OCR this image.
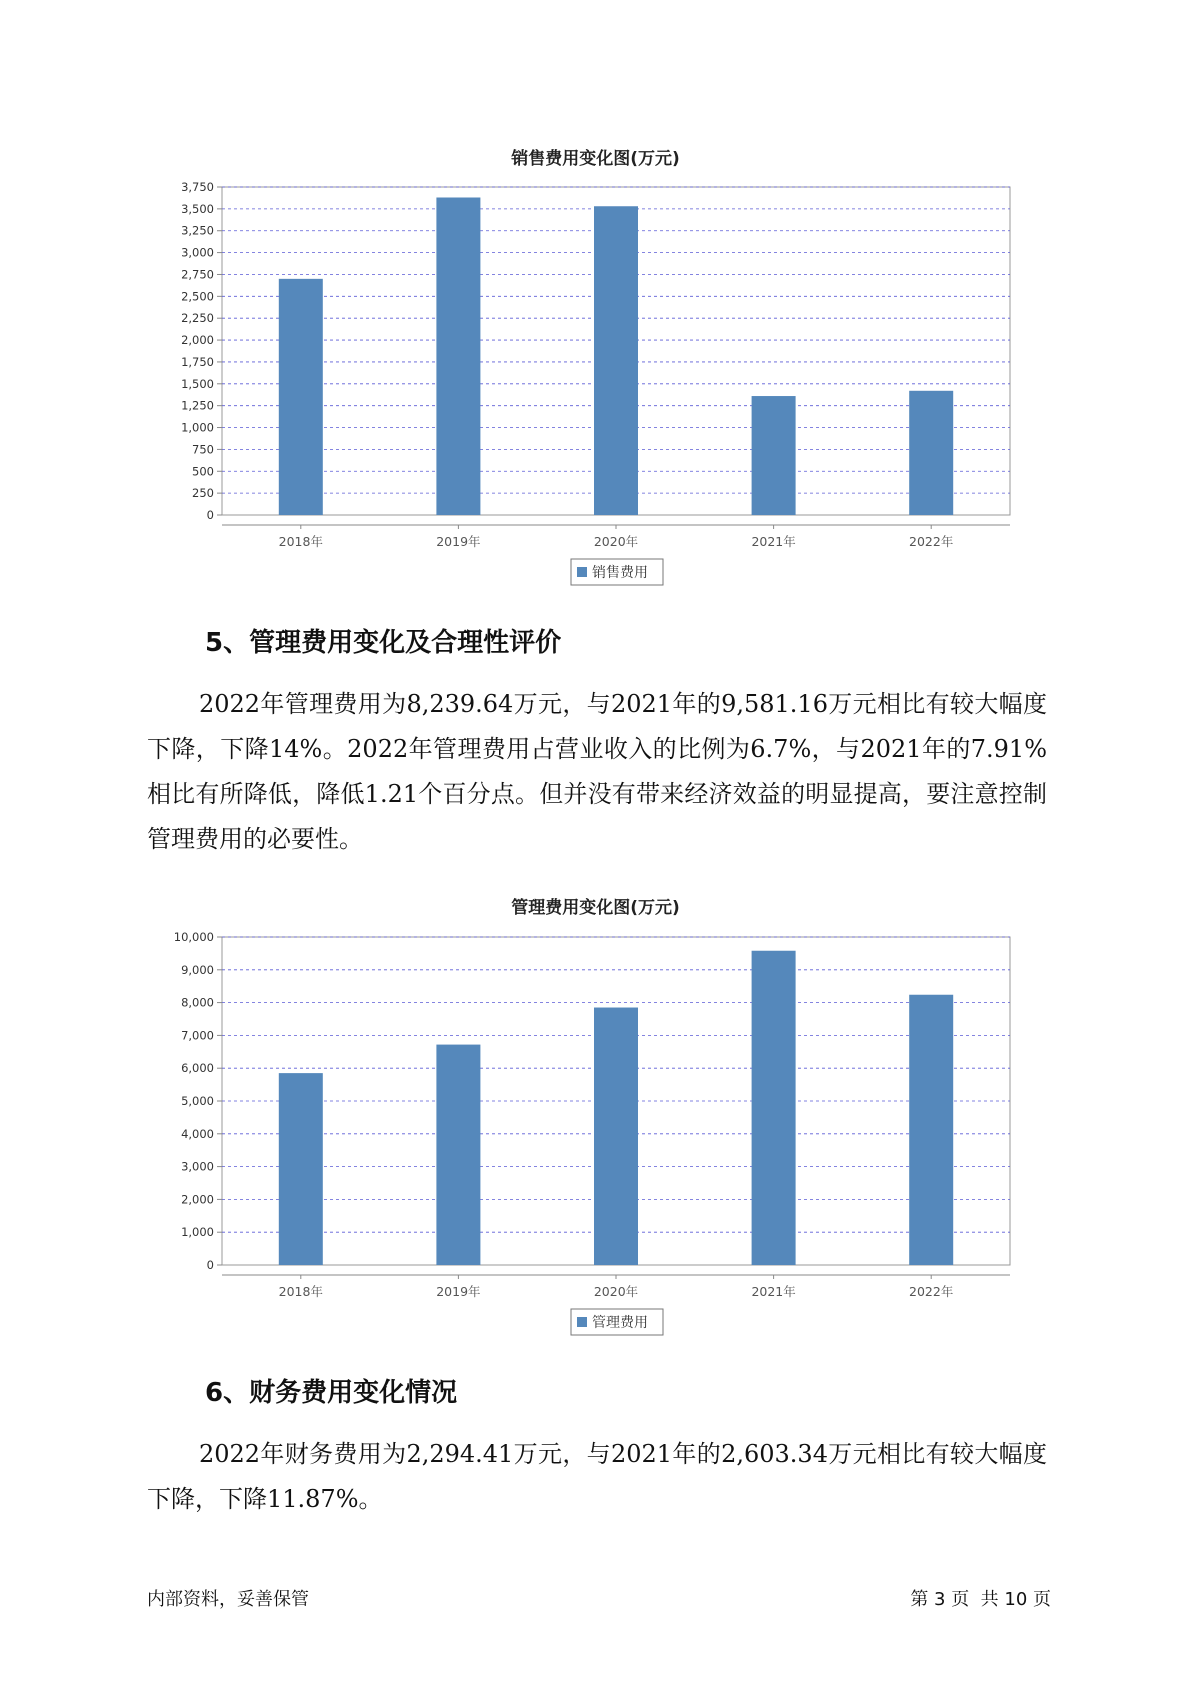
销售费用变化图(万元)
0
250
500
750
1,000
1,250
1,500
1,750
2,000
2,250
2,500
2,750
3,000
3,250
3,500
3,750
2018年	2019年	2020年	2021年	2022年
销售费用
5、管理费用变化及合理性评价
2022年管理费用为8,239.64万元，与2021年的9,581.16万元相比有较大幅度下降，下降14%。2022年管理费用占营业收入的比例为6.7%，与2021年的7.91%相比有所降低，降低1.21个百分点。但并没有带来经济效益的明显提高，要注意控制管理费用的必要性。
管理费用变化图(万元)
0
1,000
2,000
3,000
4,000
5,000
6,000
7,000
8,000
9,000
10,000
2018年	2019年	2020年	2021年	2022年
管理费用
6、财务费用变化情况
2022年财务费用为2,294.41万元，与2021年的2,603.34万元相比有较大幅度下降，下降11.87%。
内部资料，妥善保管	第 3 页  共 10 页
